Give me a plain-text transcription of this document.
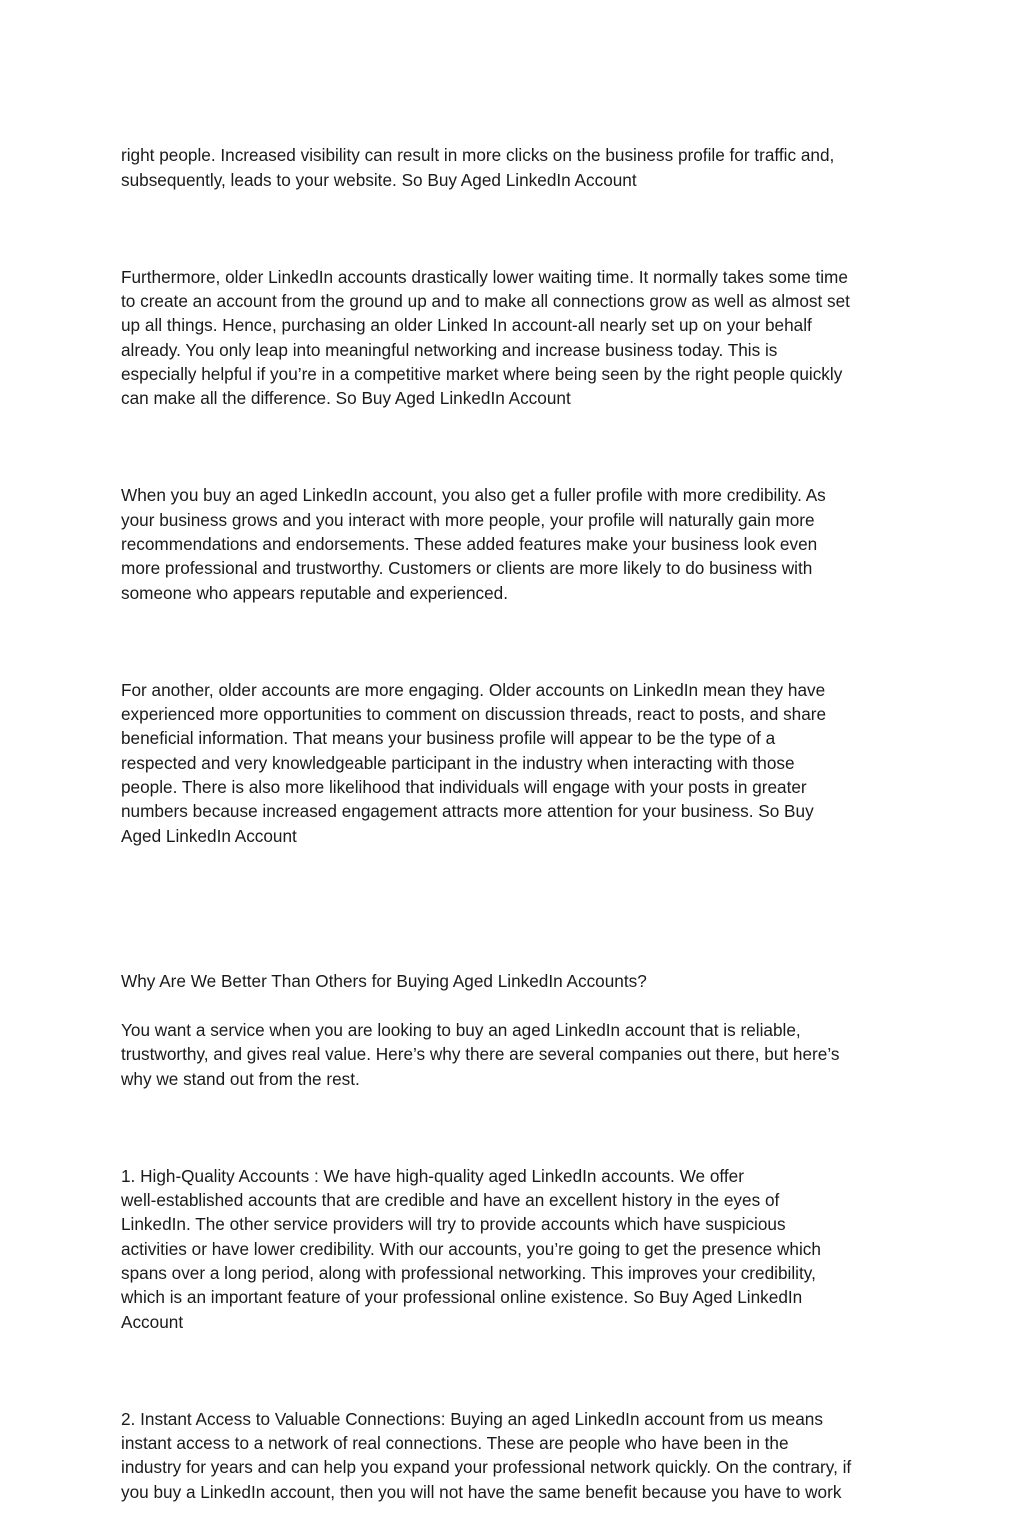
right people. Increased visibility can result in more clicks on the business profile for traffic and,
subsequently, leads to your website. So Buy Aged LinkedIn Account

Furthermore, older LinkedIn accounts drastically lower waiting time. It normally takes some time
to create an account from the ground up and to make all connections grow as well as almost set
up all things. Hence, purchasing an older Linked In account-all nearly set up on your behalf
already. You only leap into meaningful networking and increase business today. This is
especially helpful if you’re in a competitive market where being seen by the right people quickly
can make all the difference. So Buy Aged LinkedIn Account

When you buy an aged LinkedIn account, you also get a fuller profile with more credibility. As
your business grows and you interact with more people, your profile will naturally gain more
recommendations and endorsements. These added features make your business look even
more professional and trustworthy. Customers or clients are more likely to do business with
someone who appears reputable and experienced.

For another, older accounts are more engaging. Older accounts on LinkedIn mean they have
experienced more opportunities to comment on discussion threads, react to posts, and share
beneficial information. That means your business profile will appear to be the type of a
respected and very knowledgeable participant in the industry when interacting with those
people. There is also more likelihood that individuals will engage with your posts in greater
numbers because increased engagement attracts more attention for your business. So Buy
Aged LinkedIn Account

Why Are We Better Than Others for Buying Aged LinkedIn Accounts?

You want a service when you are looking to buy an aged LinkedIn account that is reliable,
trustworthy, and gives real value. Here’s why there are several companies out there, but here’s
why we stand out from the rest.

1. High-Quality Accounts : We have high-quality aged LinkedIn accounts. We offer
well-established accounts that are credible and have an excellent history in the eyes of
LinkedIn. The other service providers will try to provide accounts which have suspicious
activities or have lower credibility. With our accounts, you’re going to get the presence which
spans over a long period, along with professional networking. This improves your credibility,
which is an important feature of your professional online existence. So Buy Aged LinkedIn
Account

2. Instant Access to Valuable Connections: Buying an aged LinkedIn account from us means
instant access to a network of real connections. These are people who have been in the
industry for years and can help you expand your professional network quickly. On the contrary, if
you buy a LinkedIn account, then you will not have the same benefit because you have to work
